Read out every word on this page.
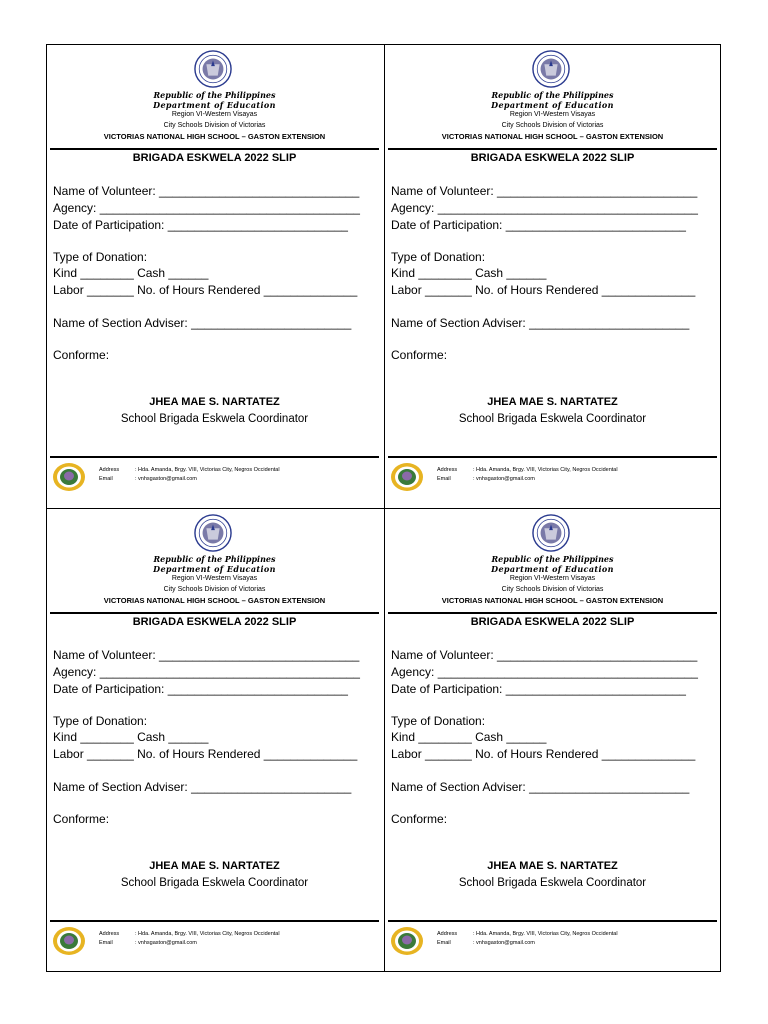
Republic of the Philippines
Department of Education
Region VI-Western Visayas
City Schools Division of Victorias
VICTORIAS NATIONAL HIGH SCHOOL – GASTON EXTENSION
BRIGADA ESKWELA 2022 SLIP
Name of Volunteer: ______________________________
Agency: _______________________________________
Date of Participation: ___________________________
Type of Donation:
Kind ________ Cash ______
Labor _______ No. of Hours Rendered ______________
Name of Section Adviser: ________________________
Conforme:
JHEA MAE S. NARTATEZ
School Brigada Eskwela Coordinator
Address	: Hda. Amanda, Brgy. VIII, Victorias City, Negros Occidental
Email	: vnhsgaston@gmail.com
Republic of the Philippines
Department of Education
Region VI-Western Visayas
City Schools Division of Victorias
VICTORIAS NATIONAL HIGH SCHOOL – GASTON EXTENSION
BRIGADA ESKWELA 2022 SLIP
Name of Volunteer: ______________________________
Agency: _______________________________________
Date of Participation: ___________________________
Type of Donation:
Kind ________ Cash ______
Labor _______ No. of Hours Rendered ______________
Name of Section Adviser: ________________________
Conforme:
JHEA MAE S. NARTATEZ
School Brigada Eskwela Coordinator
Address	: Hda. Amanda, Brgy. VIII, Victorias City, Negros Occidental
Email	: vnhsgaston@gmail.com
Republic of the Philippines
Department of Education
Region VI-Western Visayas
City Schools Division of Victorias
VICTORIAS NATIONAL HIGH SCHOOL – GASTON EXTENSION
BRIGADA ESKWELA 2022 SLIP
Name of Volunteer: ______________________________
Agency: _______________________________________
Date of Participation: ___________________________
Type of Donation:
Kind ________ Cash ______
Labor _______ No. of Hours Rendered ______________
Name of Section Adviser: ________________________
Conforme:
JHEA MAE S. NARTATEZ
School Brigada Eskwela Coordinator
Address	: Hda. Amanda, Brgy. VIII, Victorias City, Negros Occidental
Email	: vnhsgaston@gmail.com
Republic of the Philippines
Department of Education
Region VI-Western Visayas
City Schools Division of Victorias
VICTORIAS NATIONAL HIGH SCHOOL – GASTON EXTENSION
BRIGADA ESKWELA 2022 SLIP
Name of Volunteer: ______________________________
Agency: _______________________________________
Date of Participation: ___________________________
Type of Donation:
Kind ________ Cash ______
Labor _______ No. of Hours Rendered ______________
Name of Section Adviser: ________________________
Conforme:
JHEA MAE S. NARTATEZ
School Brigada Eskwela Coordinator
Address	: Hda. Amanda, Brgy. VIII, Victorias City, Negros Occidental
Email	: vnhsgaston@gmail.com
